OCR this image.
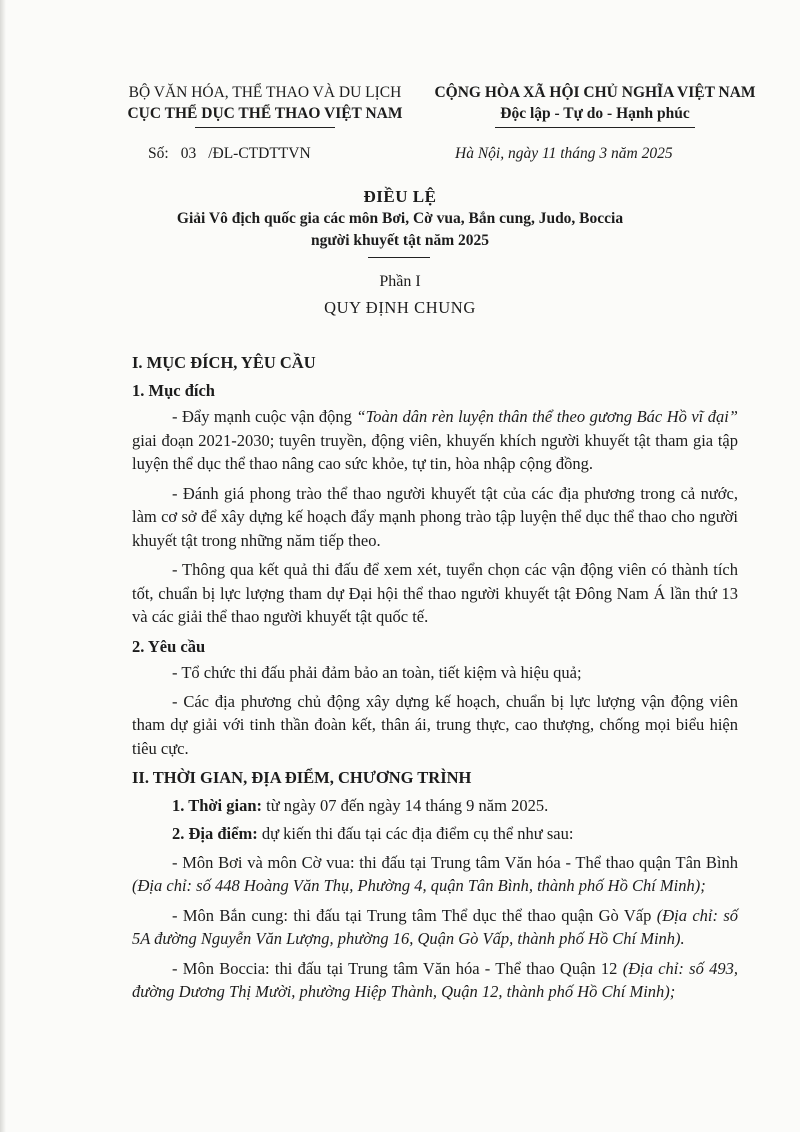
BỘ VĂN HÓA, THỂ THAO VÀ DU LỊCH
CỤC THỂ DỤC THỂ THAO VIỆT NAM
CỘNG HÒA XÃ HỘI CHỦ NGHĨA VIỆT NAM
Độc lập - Tự do - Hạnh phúc
Số: 03 /ĐL-CTDTTVN	Hà Nội, ngày 11 tháng 3 năm 2025
ĐIỀU LỆ
Giải Vô địch quốc gia các môn Bơi, Cờ vua, Bắn cung, Judo, Boccia
người khuyết tật năm 2025
Phần I
QUY ĐỊNH CHUNG
I. MỤC ĐÍCH, YÊU CẦU
1. Mục đích

- Đẩy mạnh cuộc vận động “Toàn dân rèn luyện thân thể theo gương Bác Hồ vĩ đại” giai đoạn 2021-2030; tuyên truyền, động viên, khuyến khích người khuyết tật tham gia tập luyện thể dục thể thao nâng cao sức khỏe, tự tin, hòa nhập cộng đồng.

- Đánh giá phong trào thể thao người khuyết tật của các địa phương trong cả nước, làm cơ sở để xây dựng kế hoạch đẩy mạnh phong trào tập luyện thể dục thể thao cho người khuyết tật trong những năm tiếp theo.

- Thông qua kết quả thi đấu để xem xét, tuyển chọn các vận động viên có thành tích tốt, chuẩn bị lực lượng tham dự Đại hội thể thao người khuyết tật Đông Nam Á lần thứ 13 và các giải thể thao người khuyết tật quốc tế.

2. Yêu cầu

- Tổ chức thi đấu phải đảm bảo an toàn, tiết kiệm và hiệu quả;

- Các địa phương chủ động xây dựng kế hoạch, chuẩn bị lực lượng vận động viên tham dự giải với tinh thần đoàn kết, thân ái, trung thực, cao thượng, chống mọi biểu hiện tiêu cực.

II. THỜI GIAN, ĐỊA ĐIỂM, CHƯƠNG TRÌNH

1. Thời gian: từ ngày 07 đến ngày 14 tháng 9 năm 2025.

2. Địa điểm: dự kiến thi đấu tại các địa điểm cụ thể như sau:

- Môn Bơi và môn Cờ vua: thi đấu tại Trung tâm Văn hóa - Thể thao quận Tân Bình (Địa chỉ: số 448 Hoàng Văn Thụ, Phường 4, quận Tân Bình, thành phố Hồ Chí Minh);

- Môn Bắn cung: thi đấu tại Trung tâm Thể dục thể thao quận Gò Vấp (Địa chỉ: số 5A đường Nguyễn Văn Lượng, phường 16, Quận Gò Vấp, thành phố Hồ Chí Minh).

- Môn Boccia: thi đấu tại Trung tâm Văn hóa - Thể thao Quận 12 (Địa chỉ: số 493, đường Dương Thị Mười, phường Hiệp Thành, Quận 12, thành phố Hồ Chí Minh);
